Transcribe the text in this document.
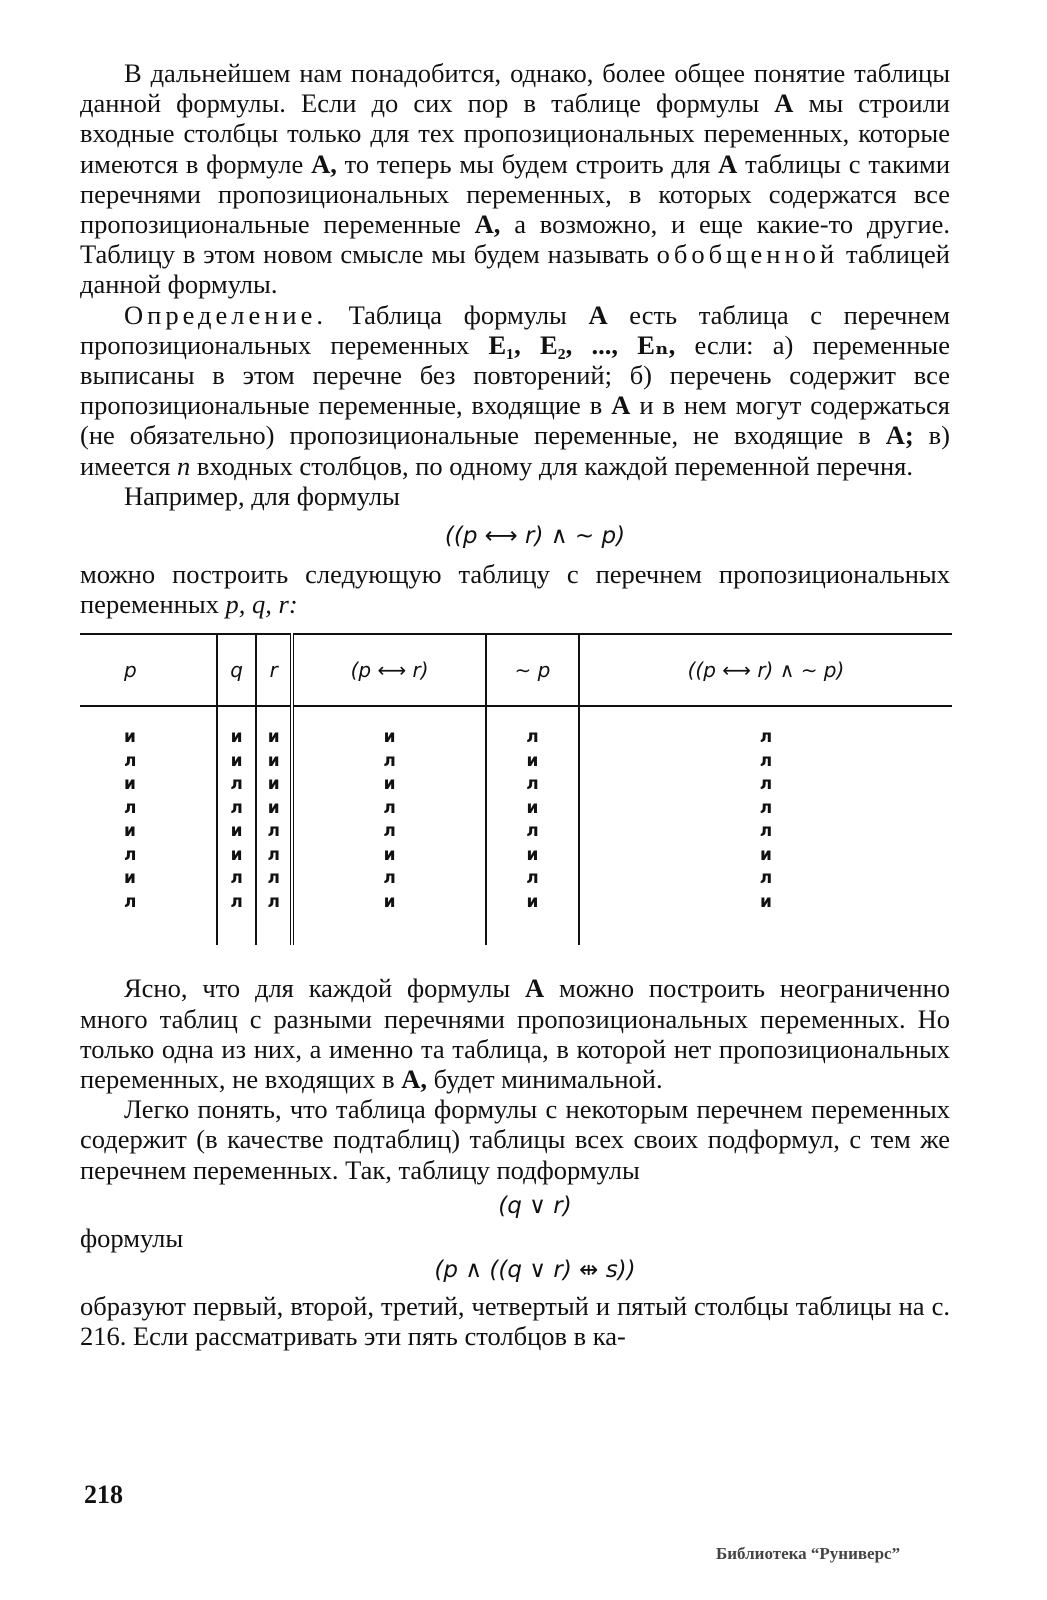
В дальнейшем нам понадобится, однако, более общее понятие таблицы данной формулы. Если до сих пор в таблице формулы A мы строили входные столбцы только для тех пропозициональных переменных, которые имеются в формуле A, то теперь мы будем строить для A таблицы с такими перечнями пропозициональных переменных, в которых содержатся все пропозициональные переменные A, а возможно, и еще какие-то другие. Таблицу в этом новом смысле мы будем называть обобщенной таблицей данной формулы.

Определение. Таблица формулы A есть таблица с перечнем пропозициональных переменных E₁, E₂, ..., Eₙ, если: а) переменные выписаны в этом перечне без повторений; б) перечень содержит все пропозициональные переменные, входящие в A и в нем могут содержаться (не обязательно) пропозициональные переменные, не входящие в A; в) имеется n входных столбцов, по одному для каждой переменной перечня.

Например, для формулы

((p ⟷ r) ∧ ∼ p)

можно построить следующую таблицу с перечнем пропозициональных переменных p, q, r:

p	q	r	(p ⟷ r)	∼ p	((p ⟷ r) ∧ ∼ p)

и	и	и	и	л	л
л	и	и	л	и	л
и	л	и	и	л	л
л	л	и	л	и	л
и	и	л	л	л	л
л	и	л	и	и	и
и	л	л	л	л	л
л	л	л	и	и	и

Ясно, что для каждой формулы A можно построить неограниченно много таблиц с разными перечнями пропозициональных переменных. Но только одна из них, а именно та таблица, в которой нет пропозициональных переменных, не входящих в A, будет минимальной.

Легко понять, что таблица формулы с некоторым перечнем переменных содержит (в качестве подтаблиц) таблицы всех своих подформул, с тем же перечнем переменных. Так, таблицу подформулы

(q ∨ r)

формулы

(p ∧ ((q ∨ r) ⇹ s))

образуют первый, второй, третий, четвертый и пятый столбцы таблицы на с. 216. Если рассматривать эти пять столбцов в ка-

218
Библиотека “Руниверс”
